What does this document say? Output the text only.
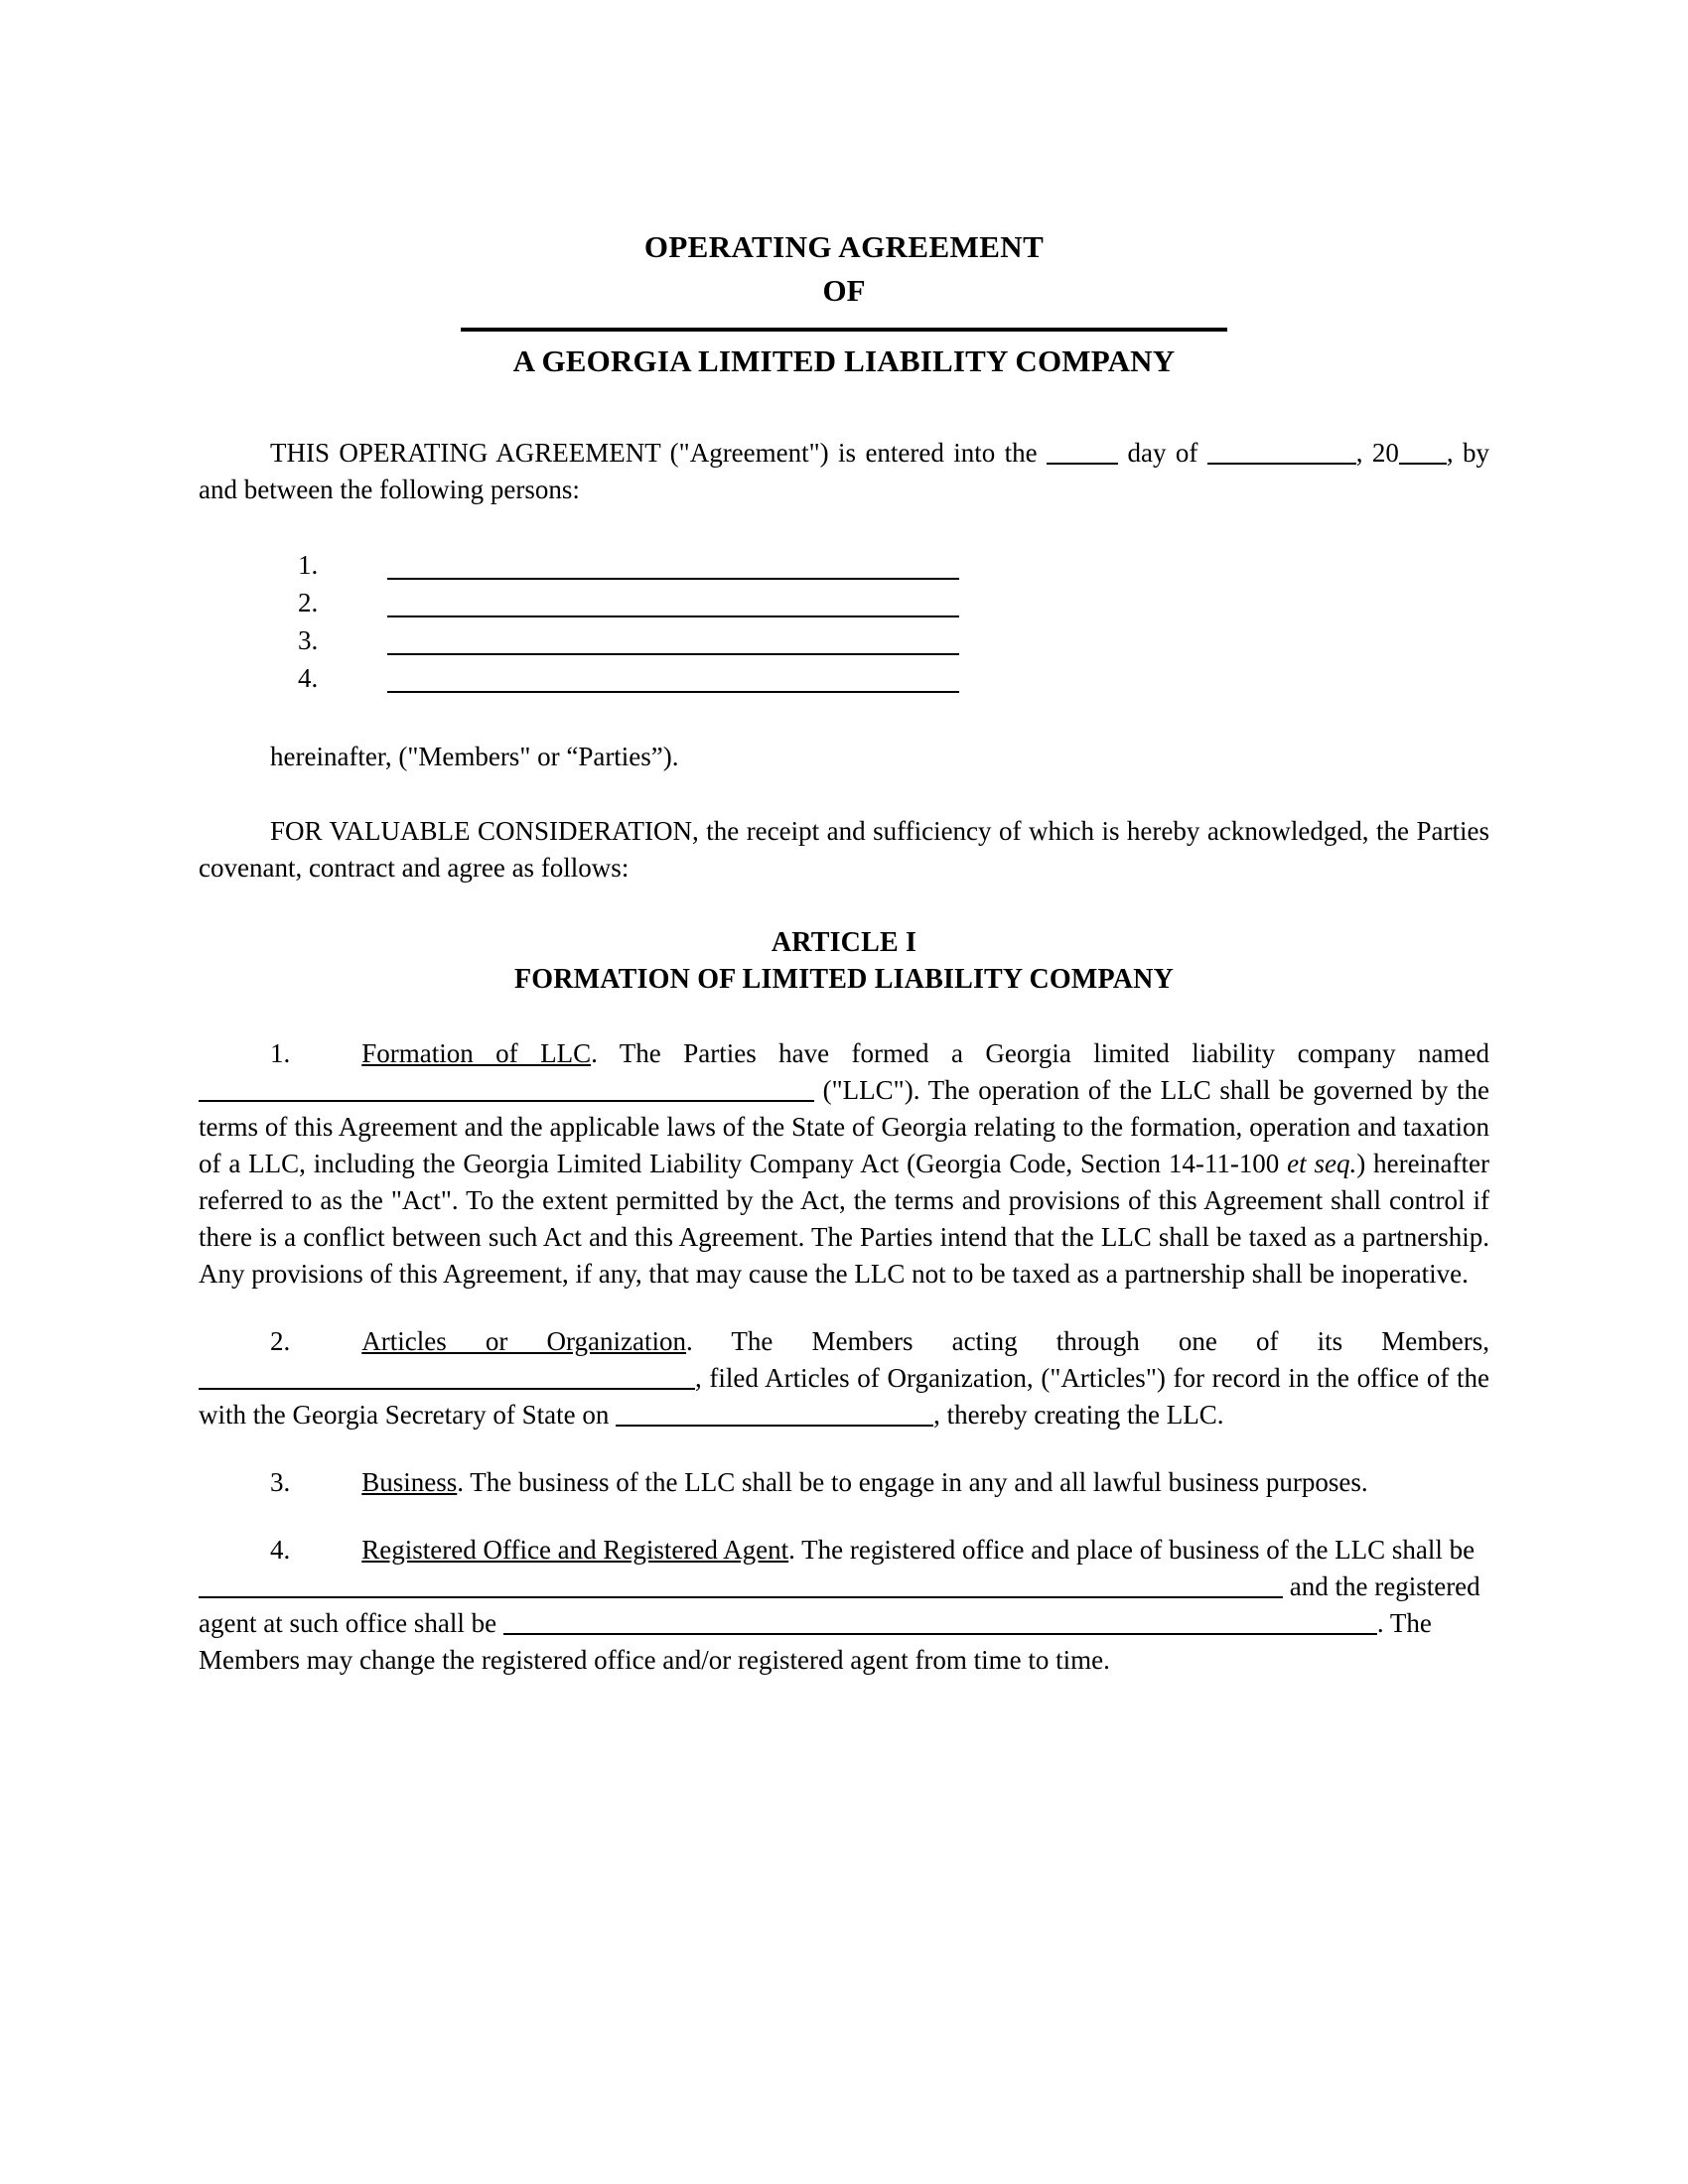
OPERATING AGREEMENT
OF
A GEORGIA LIMITED LIABILITY COMPANY

THIS OPERATING AGREEMENT ("Agreement") is entered into the	day of	, 20 , by and between the following persons:

1.
2.
3.
4.

hereinafter, ("Members" or “Parties”).

FOR VALUABLE CONSIDERATION, the receipt and sufficiency of which is hereby acknowledged, the Parties covenant, contract and agree as follows:

ARTICLE I
FORMATION OF LIMITED LIABILITY COMPANY

1.	Formation of LLC. The Parties have formed a Georgia limited liability company named  ("LLC"). The operation of the LLC shall be governed by the terms of this Agreement and the applicable laws of the State of Georgia relating to the formation, operation and taxation of a LLC, including the Georgia Limited Liability Company Act (Georgia Code, Section 14-11-100 et seq.) hereinafter referred to as the "Act". To the extent permitted by the Act, the terms and provisions of this Agreement shall control if there is a conflict between such Act and this Agreement. The Parties intend that the LLC shall be taxed as a partnership. Any provisions of this Agreement, if any, that may cause the LLC not to be taxed as a partnership shall be inoperative.

2.	Articles or Organization. The Members acting through one of its Members, , filed Articles of Organization, ("Articles") for record in the office of the with the Georgia Secretary of State on	, thereby creating the LLC.

3.	Business. The business of the LLC shall be to engage in any and all lawful business purposes.

4.	Registered Office and Registered Agent. The registered office and place of business of the LLC shall be  and the registered agent at such office shall be	. The Members may change the registered office and/or registered agent from time to time.
